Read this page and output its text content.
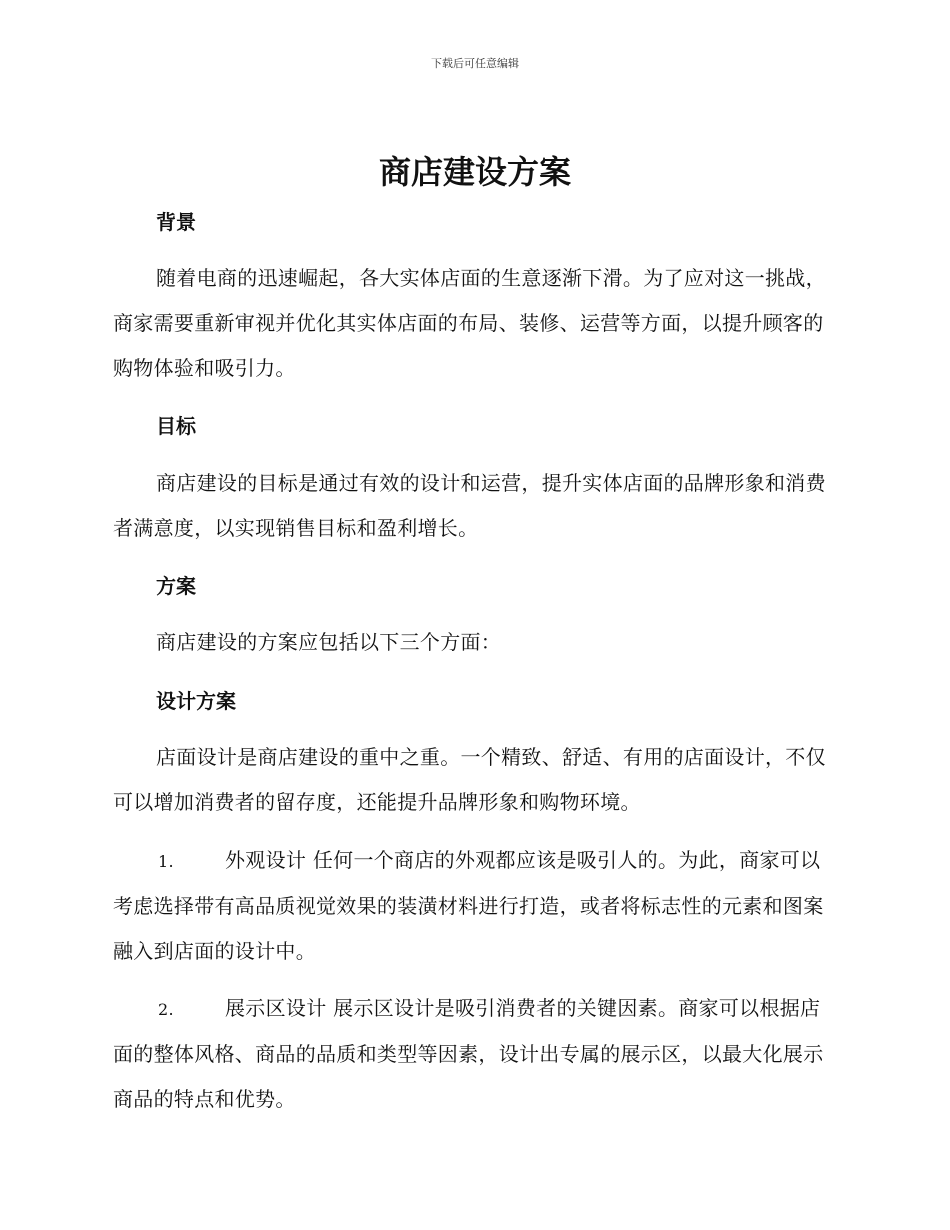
下载后可任意编辑
商店建设方案
背景

随着电商的迅速崛起，各大实体店面的生意逐渐下滑。为了应对这一挑战，商家需要重新审视并优化其实体店面的布局、装修、运营等方面，以提升顾客的购物体验和吸引力。

目标

商店建设的目标是通过有效的设计和运营，提升实体店面的品牌形象和消费者满意度，以实现销售目标和盈利增长。

方案

商店建设的方案应包括以下三个方面：

设计方案

店面设计是商店建设的重中之重。一个精致、舒适、有用的店面设计，不仅可以增加消费者的留存度，还能提升品牌形象和购物环境。

1.	外观设计 任何一个商店的外观都应该是吸引人的。为此，商家可以考虑选择带有高品质视觉效果的装潢材料进行打造，或者将标志性的元素和图案融入到店面的设计中。

2.	展示区设计 展示区设计是吸引消费者的关键因素。商家可以根据店面的整体风格、商品的品质和类型等因素，设计出专属的展示区，以最大化展示商品的特点和优势。
